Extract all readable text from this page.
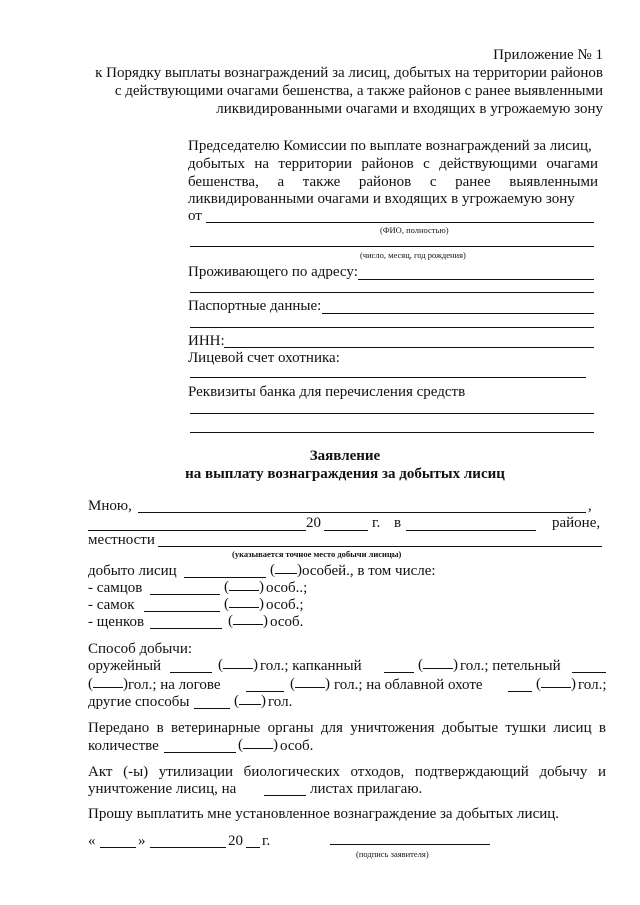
Приложение № 1
к Порядку выплаты вознаграждений за лисиц, добытых на территории районов
с действующими очагами бешенства, а также районов с ранее выявленными
ликвидированными очагами и входящих в угрожаемую зону
Председателю Комиссии по выплате вознаграждений за лисиц,
добытых на территории районов с действующими очагами
бешенства, а также районов с ранее выявленными
ликвидированными очагами и входящих в угрожаемую зону
от
(ФИО, полностью)
(число, месяц, год рождения)
Проживающего по адресу:
Паспортные данные:
ИНН:
Лицевой счет охотника:
Реквизиты банка для перечисления средств
Заявление
на выплату вознаграждения за добытых лисиц
Мною,	,
20	г. в	районе,
местности
(указывается точное место добычи лисицы)
добыто лисиц	( ) особей., в том числе:
- самцов	( ) особ..;
- самок	( ) особ.;
- щенков	( ) особ.
Способ добычи:
оружейный	( ) гол.; капканный	( ) гол.; петельный
( ) гол.; на логове	( ) гол.; на облавной охоте	( ) гол.;
другие способы	( ) гол.
Передано в ветеринарные органы для уничтожения добытые тушки лисиц в
количестве	( ) особ.
Акт (-ы) утилизации биологических отходов, подтверждающий добычу и
уничтожение лисиц, на	листах прилагаю.
Прошу выплатить мне установленное вознаграждение за добытых лисиц.
«	»	20 г.
(подпись заявителя)
